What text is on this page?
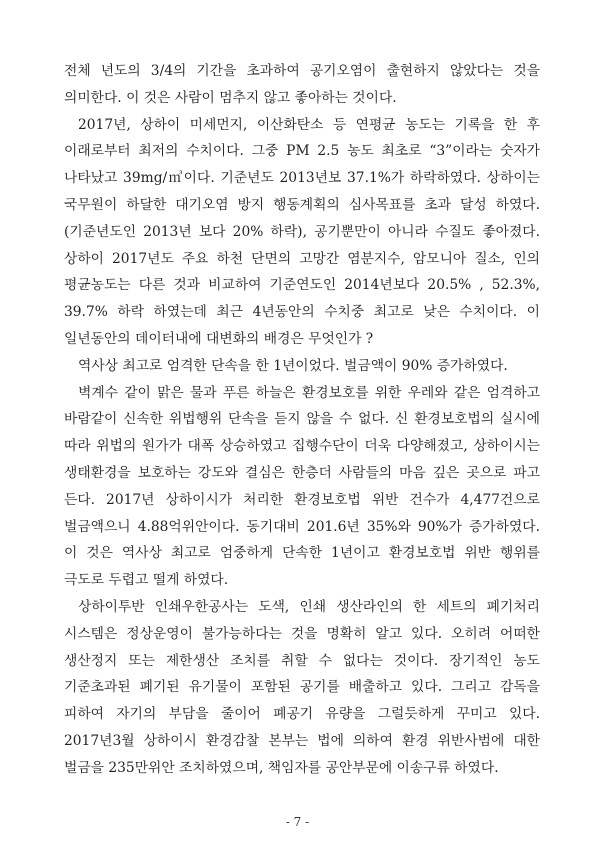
전체 년도의 3/4의 기간을 초과하여 공기오염이 출현하지 않았다는 것을 의미한다. 이 것은 사람이 멈추지 않고 좋아하는 것이다.

2017년, 상하이 미세먼지, 이산화탄소 등 연평균 농도는 기록을 한 후 이래로부터 최저의 수치이다. 그중 PM 2.5 농도 최초로 “3”이라는 숫자가 나타났고 39mg/㎥이다. 기준년도 2013년보 37.1%가 하락하였다. 상하이는 국무원이 하달한 대기오염 방지 행동계획의 심사목표를 초과 달성 하였다. (기준년도인 2013년 보다 20% 하락), 공기뿐만이 아니라 수질도 좋아졌다. 상하이 2017년도 주요 하천 단면의 고망간 염분지수, 암모니아 질소, 인의 평균농도는 다른 것과 비교하여 기준연도인 2014년보다 20.5% , 52.3%, 39.7% 하락 하였는데 최근 4년동안의 수치중 최고로 낮은 수치이다. 이 일년동안의 데이터내에 대변화의 배경은 무엇인가 ?

역사상 최고로 엄격한 단속을 한 1년이었다. 벌금액이 90% 증가하였다.

벽계수 같이 맑은 물과 푸른 하늘은 환경보호를 위한 우레와 같은 엄격하고 바람같이 신속한 위법행위 단속을 듣지 않을 수 없다. 신 환경보호법의 실시에 따라 위법의 원가가 대폭 상승하였고 집행수단이 더욱 다양해졌고, 상하이시는 생태환경을 보호하는 강도와 결심은 한층더 사람들의 마음 깊은 곳으로 파고 든다. 2017년 상하이시가 처리한 환경보호법 위반 건수가 4,477건으로 벌금액으니 4.88억위안이다. 동기대비 201.6년 35%와 90%가 증가하였다. 이 것은 역사상 최고로 엄중하게 단속한 1년이고 환경보호법 위반 행위를 극도로 두렵고 떨게 하였다.

상하이투반 인쇄우한공사는 도색, 인쇄 생산라인의 한 세트의 폐기처리 시스템은 정상운영이 불가능하다는 것을 명확히 알고 있다. 오히려 어떠한 생산정지 또는 제한생산 조치를 취할 수 없다는 것이다. 장기적인 농도 기준초과된 폐기된 유기물이 포함된 공기를 배출하고 있다. 그리고 감독을 피하여 자기의 부담을 줄이어 폐공기 유량을 그럴듯하게 꾸미고 있다. 2017년3월 상하이시 환경감찰 본부는 법에 의하여 환경 위반사범에 대한 벌금을 235만위안 조치하였으며, 책임자를 공안부문에 이송구류 하였다.

- 7 -
